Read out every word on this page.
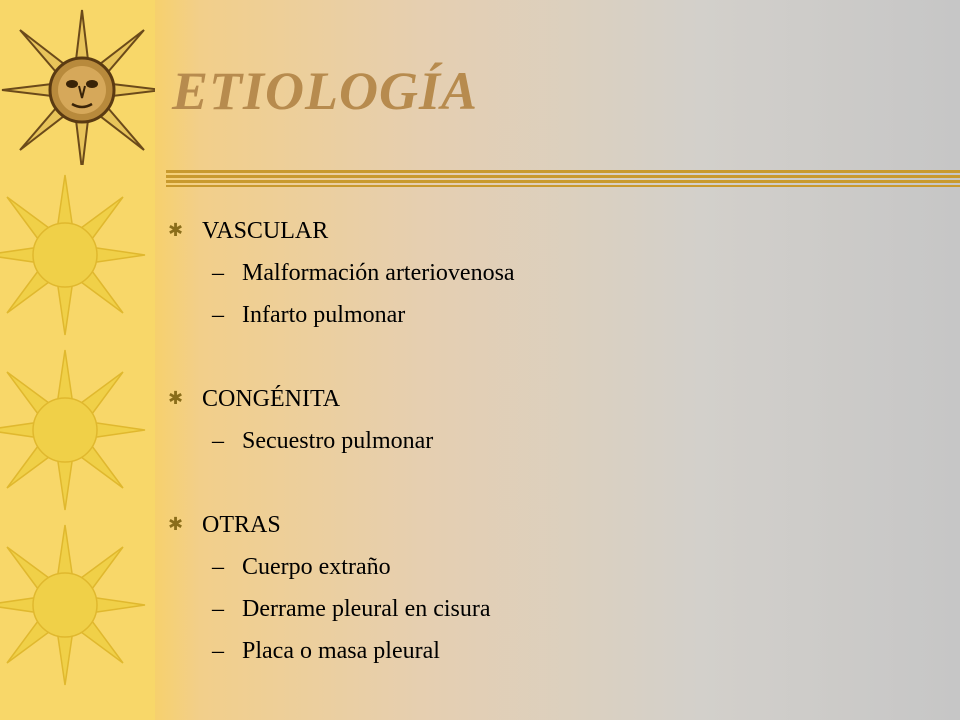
ETIOLOGÍA
✱ VASCULAR
– Malformación arteriovenosa
– Infarto pulmonar
✱ CONGÉNITA
– Secuestro pulmonar
✱ OTRAS
– Cuerpo extraño
– Derrame pleural en cisura
– Placa o masa pleural
